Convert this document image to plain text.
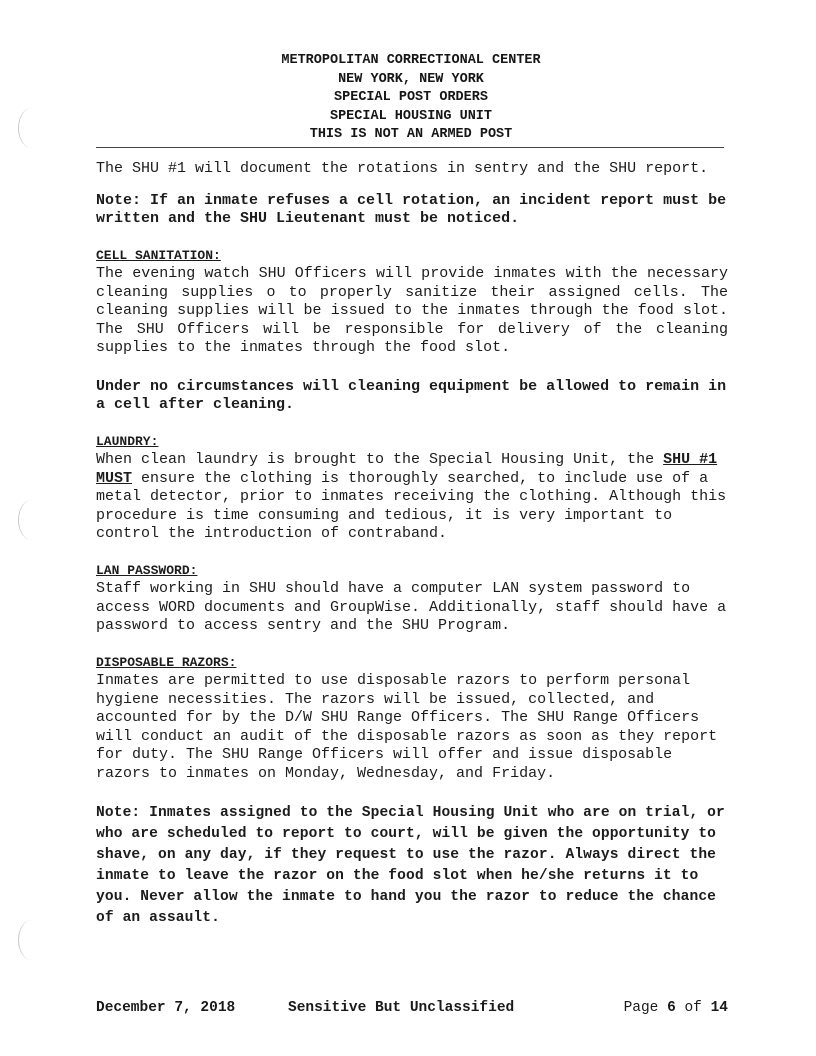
METROPOLITAN CORRECTIONAL CENTER
NEW YORK, NEW YORK
SPECIAL POST ORDERS
SPECIAL HOUSING UNIT
THIS IS NOT AN ARMED POST

The SHU #1 will document the rotations in sentry and the SHU report.

Note: If an inmate refuses a cell rotation, an incident report must be written and the SHU Lieutenant must be noticed.

CELL SANITATION:

The evening watch SHU Officers will provide inmates with the necessary cleaning supplies o to properly sanitize their assigned cells. The cleaning supplies will be issued to the inmates through the food slot. The SHU Officers will be responsible for delivery of the cleaning supplies to the inmates through the food slot.

Under no circumstances will cleaning equipment be allowed to remain in a cell after cleaning.

LAUNDRY:

When clean laundry is brought to the Special Housing Unit, the SHU #1 MUST ensure the clothing is thoroughly searched, to include use of a metal detector, prior to inmates receiving the clothing. Although this procedure is time consuming and tedious, it is very important to control the introduction of contraband.

LAN PASSWORD:

Staff working in SHU should have a computer LAN system password to access WORD documents and GroupWise. Additionally, staff should have a password to access sentry and the SHU Program.

DISPOSABLE RAZORS:

Inmates are permitted to use disposable razors to perform personal hygiene necessities. The razors will be issued, collected, and accounted for by the D/W SHU Range Officers. The SHU Range Officers will conduct an audit of the disposable razors as soon as they report for duty. The SHU Range Officers will offer and issue disposable razors to inmates on Monday, Wednesday, and Friday.

Note: Inmates assigned to the Special Housing Unit who are on trial, or who are scheduled to report to court, will be given the opportunity to shave, on any day, if they request to use the razor. Always direct the inmate to leave the razor on the food slot when he/she returns it to you. Never allow the inmate to hand you the razor to reduce the chance of an assault.

December 7, 2018	Sensitive But Unclassified	Page 6 of 14
